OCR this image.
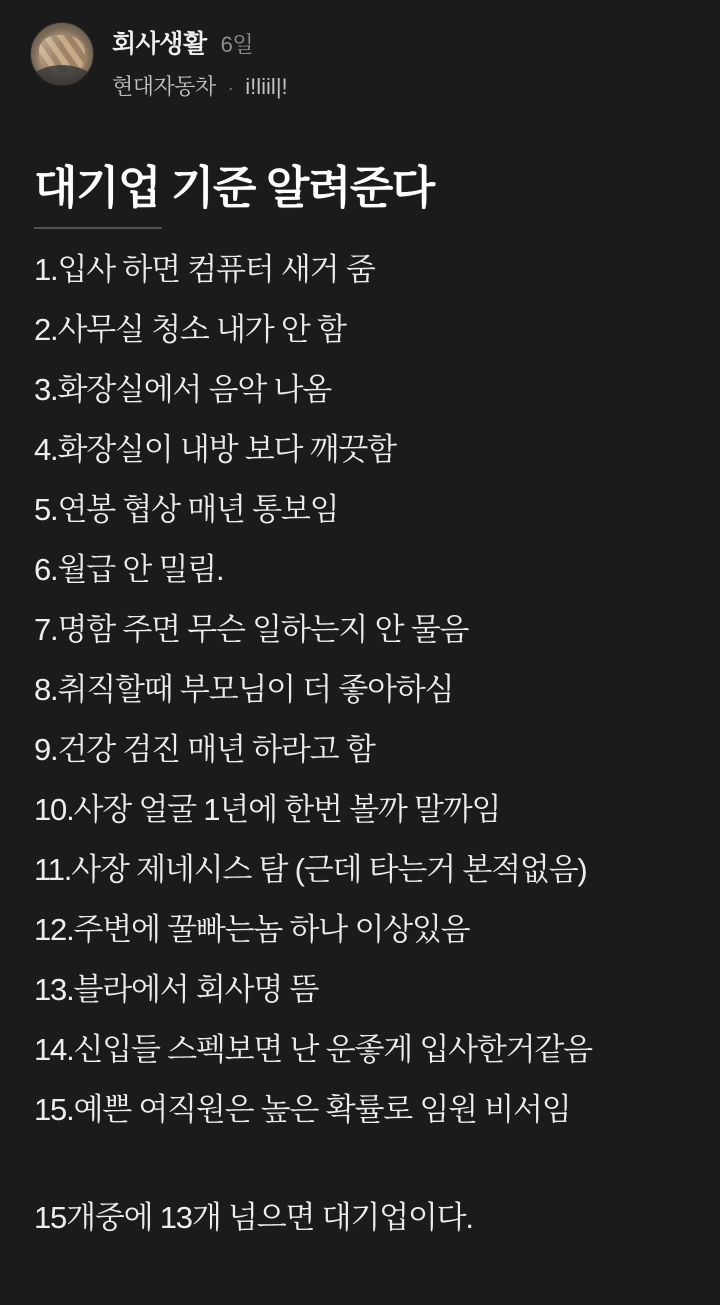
회사생활 6일
현대자동차 · i!liil|!
대기업 기준 알려준다
1.입사 하면 컴퓨터 새거 줌
2.사무실 청소 내가 안 함
3.화장실에서 음악 나옴
4.화장실이 내방 보다 깨끗함
5.연봉 협상 매년 통보임
6.월급 안 밀림.
7.명함 주면 무슨 일하는지 안 물음
8.취직할때 부모님이 더 좋아하심
9.건강 검진 매년 하라고 함
10.사장 얼굴 1년에 한번 볼까 말까임
11.사장 제네시스 탐 (근데 타는거 본적없음)
12.주변에 꿀빠는놈 하나 이상있음
13.블라에서 회사명 뜸
14.신입들 스펙보면 난 운좋게 입사한거같음
15.예쁜 여직원은 높은 확률로 임원 비서임
15개중에 13개 넘으면 대기업이다.
